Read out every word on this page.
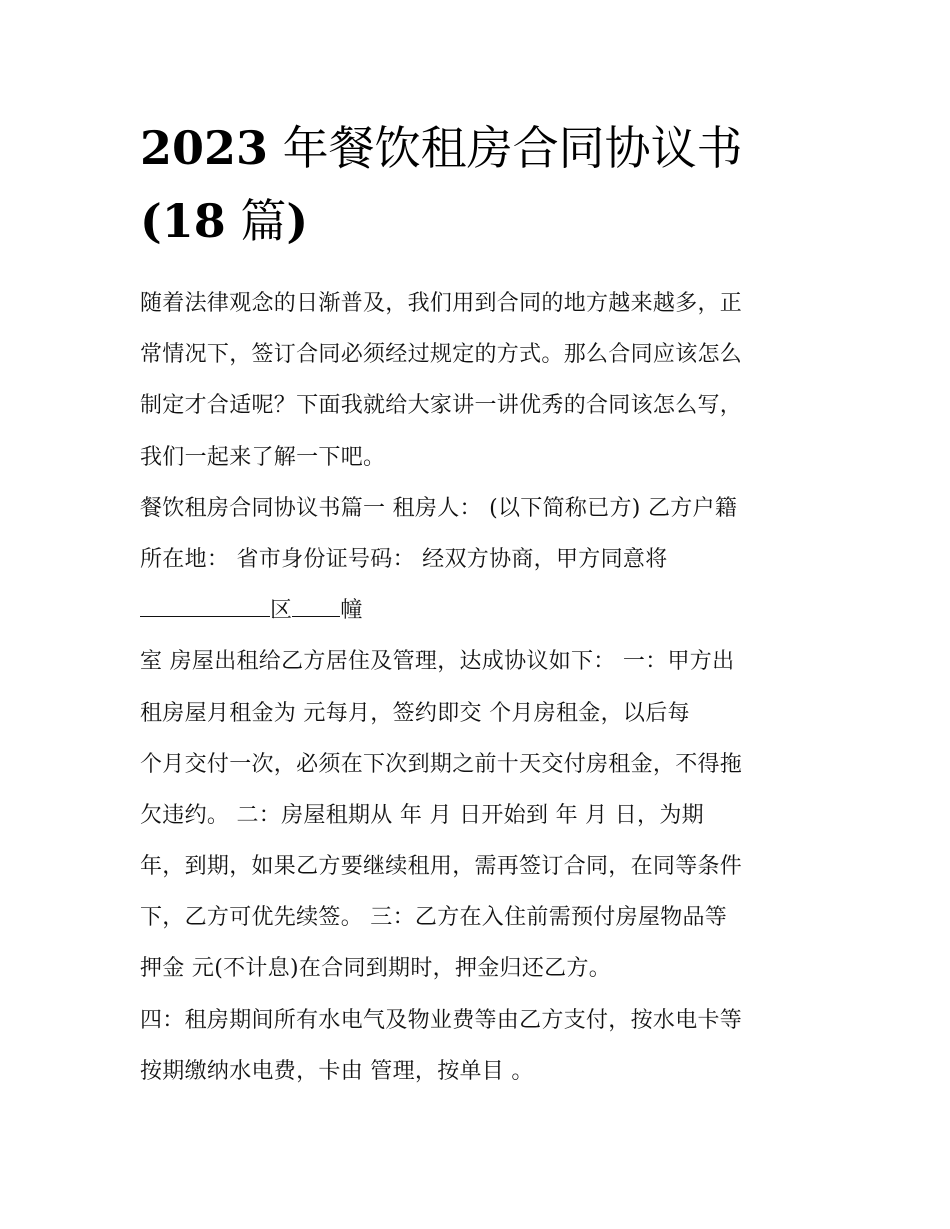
2023 年餐饮租房合同协议书
(18 篇)
随着法律观念的日渐普及，我们用到合同的地方越来越多，正
常情况下，签订合同必须经过规定的方式。那么合同应该怎么
制定才合适呢？下面我就给大家讲一讲优秀的合同该怎么写，
我们一起来了解一下吧。
餐饮租房合同协议书篇一 租房人： (以下简称已方) 乙方户籍
所在地： 省市身份证号码： 经双方协商，甲方同意将
区 幢
室 房屋出租给乙方居住及管理，达成协议如下： 一：甲方出
租房屋月租金为 元每月，签约即交 个月房租金，以后每
个月交付一次，必须在下次到期之前十天交付房租金，不得拖
欠违约。 二：房屋租期从 年 月 日开始到 年 月 日，为期
年，到期，如果乙方要继续租用，需再签订合同，在同等条件
下，乙方可优先续签。 三：乙方在入住前需预付房屋物品等
押金 元(不计息)在合同到期时，押金归还乙方。
四：租房期间所有水电气及物业费等由乙方支付，按水电卡等
按期缴纳水电费，卡由 管理，按单目 。
